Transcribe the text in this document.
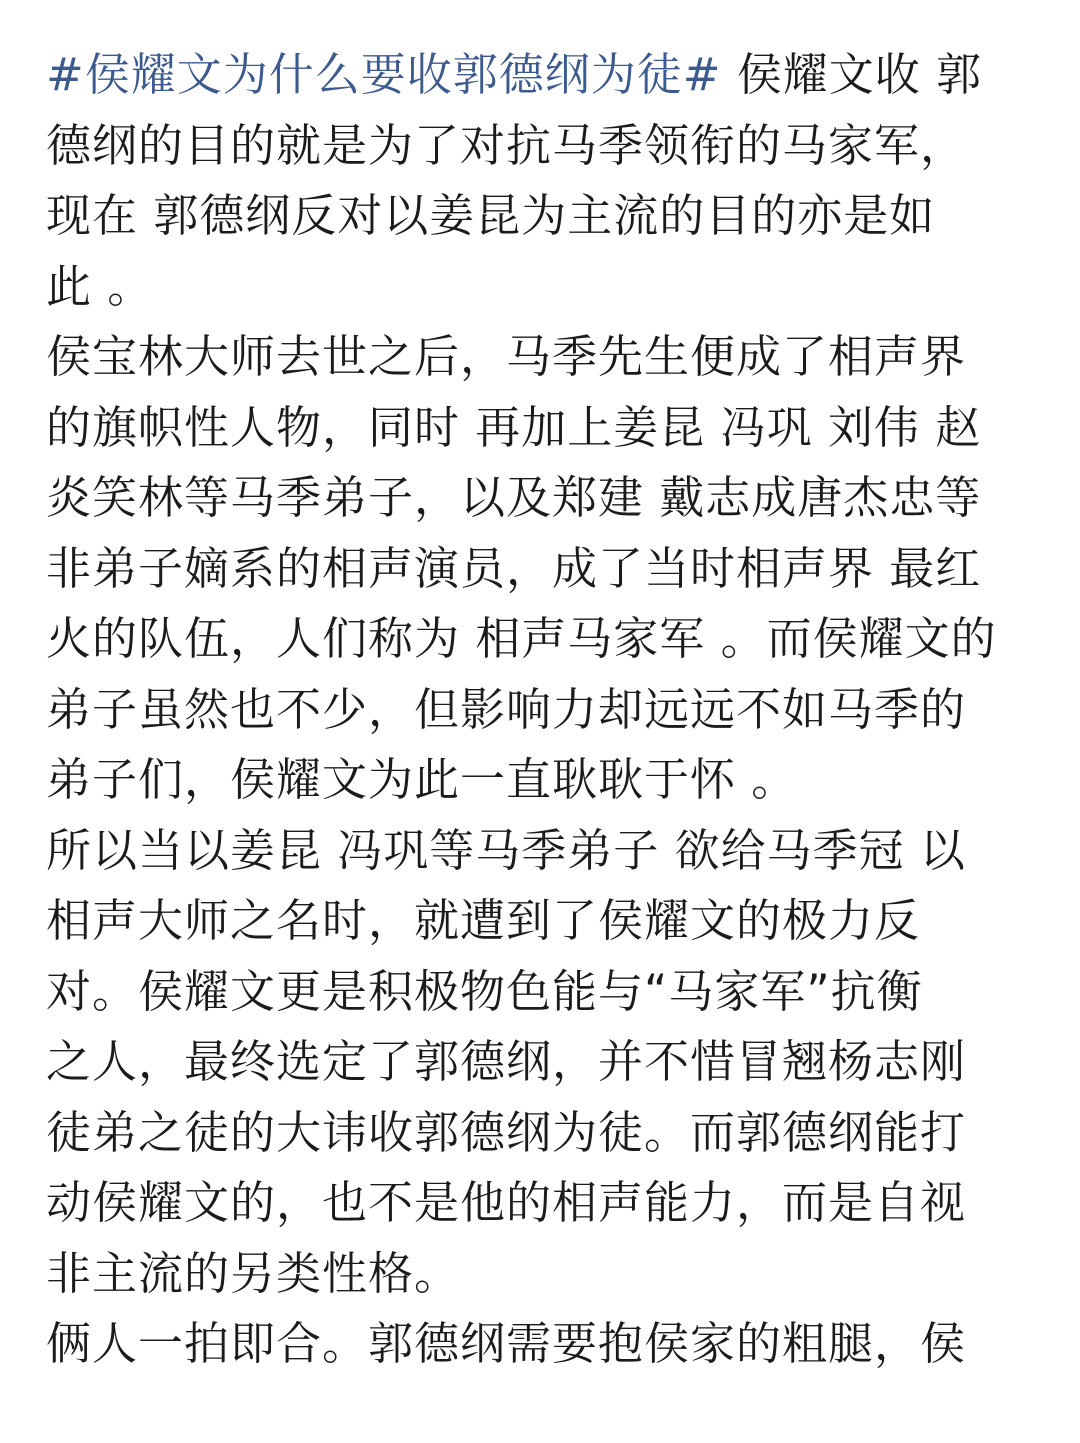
#侯耀文为什么要收郭德纲为徒# 侯耀文收 郭
德纲的目的就是为了对抗马季领衔的马家军，
现在 郭德纲反对以姜昆为主流的目的亦是如
此 。
侯宝林大师去世之后，马季先生便成了相声界
的旗帜性人物，同时 再加上姜昆 冯巩 刘伟 赵
炎笑林等马季弟子，以及郑建 戴志成唐杰忠等
非弟子嫡系的相声演员，成了当时相声界 最红
火的队伍，人们称为 相声马家军 。而侯耀文的
弟子虽然也不少，但影响力却远远不如马季的
弟子们，侯耀文为此一直耿耿于怀 。
所以当以姜昆 冯巩等马季弟子 欲给马季冠 以
相声大师之名时，就遭到了侯耀文的极力反
对。侯耀文更是积极物色能与“马家军”抗衡
之人，最终选定了郭德纲，并不惜冒翘杨志刚
徒弟之徒的大讳收郭德纲为徒。而郭德纲能打
动侯耀文的，也不是他的相声能力，而是自视
非主流的另类性格。
俩人一拍即合。郭德纲需要抱侯家的粗腿，侯
